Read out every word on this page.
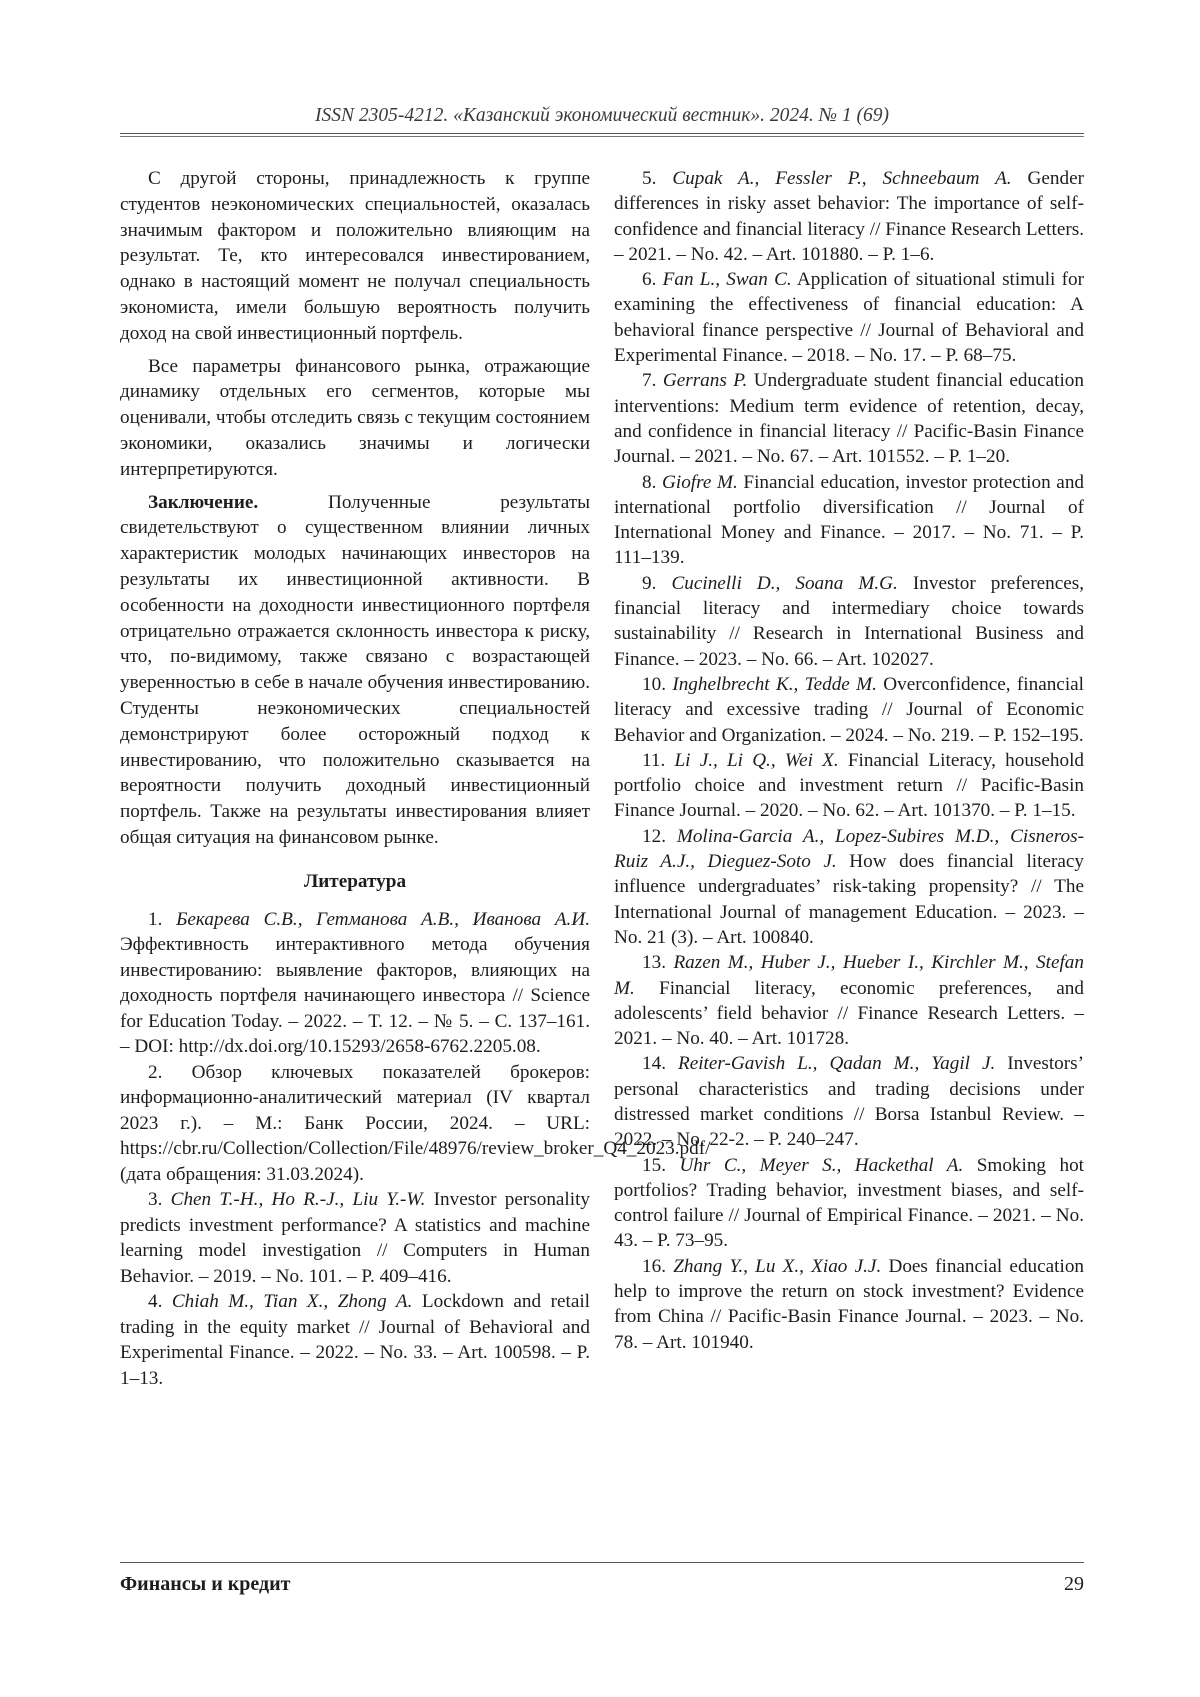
ISSN 2305-4212. «Казанский экономический вестник». 2024. № 1 (69)

С другой стороны, принадлежность к группе студентов неэкономических специальностей, оказалась значимым фактором и положительно влияющим на результат. Те, кто интересовался инвестированием, однако в настоящий момент не получал специальность экономиста, имели большую вероятность получить доход на свой инвестиционный портфель.

Все параметры финансового рынка, отражающие динамику отдельных его сегментов, которые мы оценивали, чтобы отследить связь с текущим состоянием экономики, оказались значимы и логически интерпретируются.

Заключение. Полученные результаты свидетельствуют о существенном влиянии личных характеристик молодых начинающих инвесторов на результаты их инвестиционной активности. В особенности на доходности инвестиционного портфеля отрицательно отражается склонность инвестора к риску, что, по-видимому, также связано с возрастающей уверенностью в себе в начале обучения инвестированию. Студенты неэкономических специальностей демонстрируют более осторожный подход к инвестированию, что положительно сказывается на вероятности получить доходный инвестиционный портфель. Также на результаты инвестирования влияет общая ситуация на финансовом рынке.

Литература

1. Бекарева С.В., Гетманова А.В., Иванова А.И. Эффективность интерактивного метода обучения инвестированию: выявление факторов, влияющих на доходность портфеля начинающего инвестора // Science for Education Today. – 2022. – Т. 12. – № 5. – С. 137–161. – DOI: http://dx.doi.org/10.15293/2658-6762.2205.08.

2. Обзор ключевых показателей брокеров: информационно-аналитический материал (IV квартал 2023 г.). – М.: Банк России, 2024. – URL: https://cbr.ru/Collection/Collection/File/48976/review_broker_Q4_2023.pdf/ (дата обращения: 31.03.2024).

3. Chen T.-H., Ho R.-J., Liu Y.-W. Investor personality predicts investment performance? A statistics and machine learning model investigation // Computers in Human Behavior. – 2019. – No. 101. – P. 409–416.

4. Chiah M., Tian X., Zhong A. Lockdown and retail trading in the equity market // Journal of Behavioral and Experimental Finance. – 2022. – No. 33. – Art. 100598. – P. 1–13.

5. Cupak A., Fessler P., Schneebaum A. Gender differences in risky asset behavior: The importance of self-confidence and financial literacy // Finance Research Letters. – 2021. – No. 42. – Art. 101880. – P. 1–6.

6. Fan L., Swan C. Application of situational stimuli for examining the effectiveness of financial education: A behavioral finance perspective // Journal of Behavioral and Experimental Finance. – 2018. – No. 17. – P. 68–75.

7. Gerrans P. Undergraduate student financial education interventions: Medium term evidence of retention, decay, and confidence in financial literacy // Pacific-Basin Finance Journal. – 2021. – No. 67. – Art. 101552. – P. 1–20.

8. Giofre M. Financial education, investor protection and international portfolio diversification // Journal of International Money and Finance. – 2017. – No. 71. – P. 111–139.

9. Cucinelli D., Soana M.G. Investor preferences, financial literacy and intermediary choice towards sustainability // Research in International Business and Finance. – 2023. – No. 66. – Art. 102027.

10. Inghelbrecht K., Tedde M. Overconfidence, financial literacy and excessive trading // Journal of Economic Behavior and Organization. – 2024. – No. 219. – P. 152–195.

11. Li J., Li Q., Wei X. Financial Literacy, household portfolio choice and investment return // Pacific-Basin Finance Journal. – 2020. – No. 62. – Art. 101370. – P. 1–15.

12. Molina-Garcia A., Lopez-Subires M.D., Cisneros-Ruiz A.J., Dieguez-Soto J. How does financial literacy influence undergraduates’ risk-taking propensity? // The International Journal of management Education. – 2023. – No. 21 (3). – Art. 100840.

13. Razen M., Huber J., Hueber I., Kirchler M., Stefan M. Financial literacy, economic preferences, and adolescents’ field behavior // Finance Research Letters. – 2021. – No. 40. – Art. 101728.

14. Reiter-Gavish L., Qadan M., Yagil J. Investors’ personal characteristics and trading decisions under distressed market conditions // Borsa Istanbul Review. – 2022. – No. 22-2. – P. 240–247.

15. Uhr C., Meyer S., Hackethal A. Smoking hot portfolios? Trading behavior, investment biases, and self-control failure // Journal of Empirical Finance. – 2021. – No. 43. – P. 73–95.

16. Zhang Y., Lu X., Xiao J.J. Does financial education help to improve the return on stock investment? Evidence from China // Pacific-Basin Finance Journal. – 2023. – No. 78. – Art. 101940.

Финансы и кредит	29
